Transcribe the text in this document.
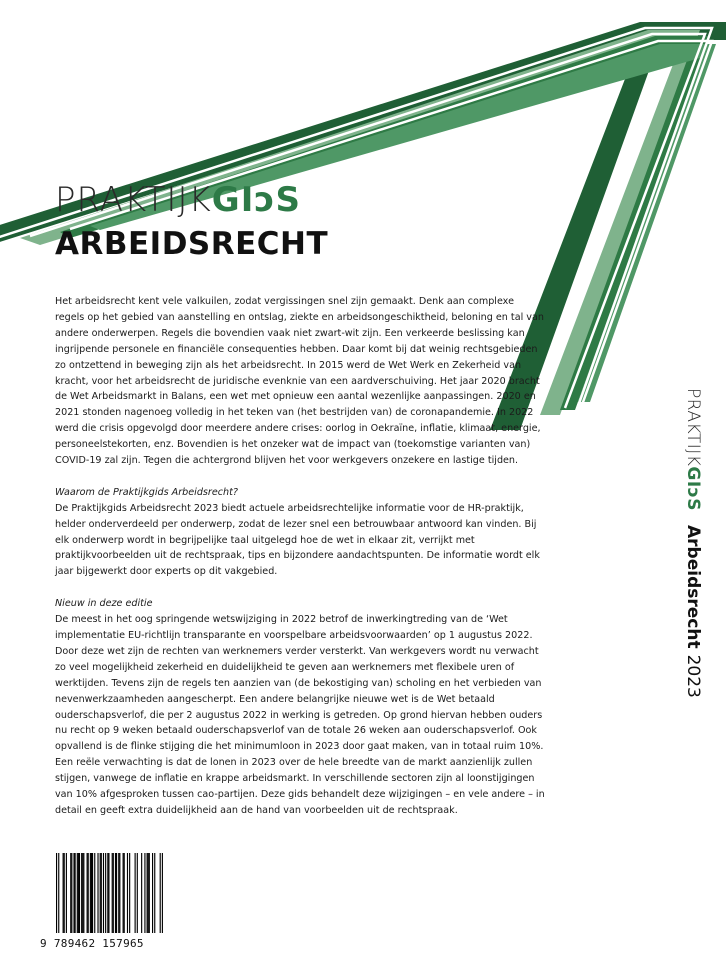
PRAKTIJKGIᴐS
ARBEIDSRECHT

Het arbeidsrecht kent vele valkuilen, zodat vergissingen snel zijn gemaakt. Denk aan complexe regels op het gebied van aanstelling en ontslag, ziekte en arbeidsongeschiktheid, beloning en tal van andere onderwerpen. Regels die bovendien vaak niet zwart-wit zijn. Een verkeerde beslissing kan ingrijpende personele en financiële consequenties hebben. Daar komt bij dat weinig rechtsgebieden zo ontzettend in beweging zijn als het arbeidsrecht. In 2015 werd de Wet Werk en Zekerheid van kracht, voor het arbeidsrecht de juridische evenknie van een aardverschuiving. Het jaar 2020 bracht de Wet Arbeidsmarkt in Balans, een wet met opnieuw een aantal wezenlijke aanpassingen. 2020 en 2021 stonden nagenoeg volledig in het teken van (het bestrijden van) de coronapandemie. In 2022 werd die crisis opgevolgd door meerdere andere crises: oorlog in Oekraïne, inflatie, klimaat, energie, personeelstekorten, enz. Bovendien is het onzeker wat de impact van (toekomstige varianten van) COVID-19 zal zijn. Tegen die achtergrond blijven het voor werkgevers onzekere en lastige tijden.

Waarom de Praktijkgids Arbeidsrecht?

De Praktijkgids Arbeidsrecht 2023 biedt actuele arbeidsrechtelijke informatie voor de HR-praktijk, helder onderverdeeld per onderwerp, zodat de lezer snel een betrouwbaar antwoord kan vinden. Bij elk onderwerp wordt in begrijpelijke taal uitgelegd hoe de wet in elkaar zit, verrijkt met praktijkvoorbeelden uit de rechtspraak, tips en bijzondere aandachtspunten. De informatie wordt elk jaar bijgewerkt door experts op dit vakgebied.

Nieuw in deze editie

De meest in het oog springende wetswijziging in 2022 betrof de inwerkingtreding van de ‘Wet implementatie EU-richtlijn transparante en voorspelbare arbeidsvoorwaarden’ op 1 augustus 2022. Door deze wet zijn de rechten van werknemers verder versterkt. Van werkgevers wordt nu verwacht zo veel mogelijkheid zekerheid en duidelijkheid te geven aan werknemers met flexibele uren of werktijden. Tevens zijn de regels ten aanzien van (de bekostiging van) scholing en het verbieden van nevenwerkzaamheden aangescherpt. Een andere belangrijke nieuwe wet is de Wet betaald ouderschapsverlof, die per 2 augustus 2022 in werking is getreden. Op grond hiervan hebben ouders nu recht op 9 weken betaald ouderschapsverlof van de totale 26 weken aan ouderschapsverlof. Ook opvallend is de flinke stijging die het minimumloon in 2023 door gaat maken, van in totaal ruim 10%. Een reële verwachting is dat de lonen in 2023 over de hele breedte van de markt aanzienlijk zullen stijgen, vanwege de inflatie en krappe arbeidsmarkt. In verschillende sectoren zijn al loonstijgingen van 10% afgesproken tussen cao-partijen. Deze gids behandelt deze wijzigingen – en vele andere – in detail en geeft extra duidelijkheid aan de hand van voorbeelden uit de rechtspraak.

PRAKTIJKGIᴐSArbeidsrecht2023
9 789462 157965
